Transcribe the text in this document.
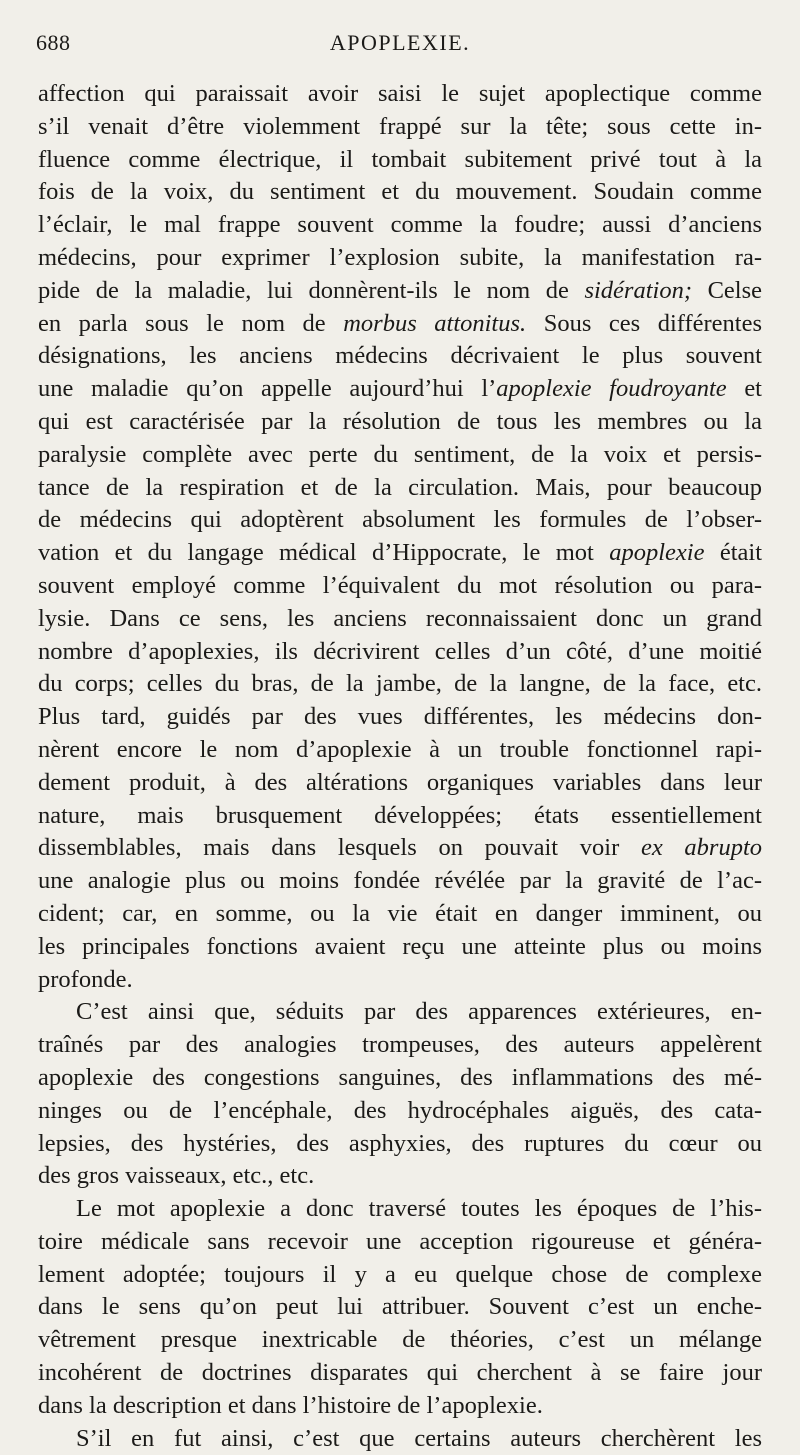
688	APOPLEXIE.
affection qui paraissait avoir saisi le sujet apoplectique comme
s’il venait d’être violemment frappé sur la tête; sous cette in-
fluence comme électrique, il tombait subitement privé tout à la
fois de la voix, du sentiment et du mouvement. Soudain comme
l’éclair, le mal frappe souvent comme la foudre; aussi d’anciens
médecins, pour exprimer l’explosion subite, la manifestation ra-
pide de la maladie, lui donnèrent-ils le nom de sidération; Celse
en parla sous le nom de morbus attonitus. Sous ces différentes
désignations, les anciens médecins décrivaient le plus souvent
une maladie qu’on appelle aujourd’hui l’apoplexie foudroyante et
qui est caractérisée par la résolution de tous les membres ou la
paralysie complète avec perte du sentiment, de la voix et persis-
tance de la respiration et de la circulation. Mais, pour beaucoup
de médecins qui adoptèrent absolument les formules de l’obser-
vation et du langage médical d’Hippocrate, le mot apoplexie était
souvent employé comme l’équivalent du mot résolution ou para-
lysie. Dans ce sens, les anciens reconnaissaient donc un grand
nombre d’apoplexies, ils décrivirent celles d’un côté, d’une moitié
du corps; celles du bras, de la jambe, de la langne, de la face, etc.
Plus tard, guidés par des vues différentes, les médecins don-
nèrent encore le nom d’apoplexie à un trouble fonctionnel rapi-
dement produit, à des altérations organiques variables dans leur
nature, mais brusquement développées; états essentiellement
dissemblables, mais dans lesquels on pouvait voir ex abrupto
une analogie plus ou moins fondée révélée par la gravité de l’ac-
cident; car, en somme, ou la vie était en danger imminent, ou
les principales fonctions avaient reçu une atteinte plus ou moins
profonde.
C’est ainsi que, séduits par des apparences extérieures, en-
traînés par des analogies trompeuses, des auteurs appelèrent
apoplexie des congestions sanguines, des inflammations des mé-
ninges ou de l’encéphale, des hydrocéphales aiguës, des cata-
lepsies, des hystéries, des asphyxies, des ruptures du cœur ou
des gros vaisseaux, etc., etc.
Le mot apoplexie a donc traversé toutes les époques de l’his-
toire médicale sans recevoir une acception rigoureuse et généra-
lement adoptée; toujours il y a eu quelque chose de complexe
dans le sens qu’on peut lui attribuer. Souvent c’est un enche-
vêtrement presque inextricable de théories, c’est un mélange
incohérent de doctrines disparates qui cherchent à se faire jour
dans la description et dans l’histoire de l’apoplexie.
S’il en fut ainsi, c’est que certains auteurs cherchèrent les
